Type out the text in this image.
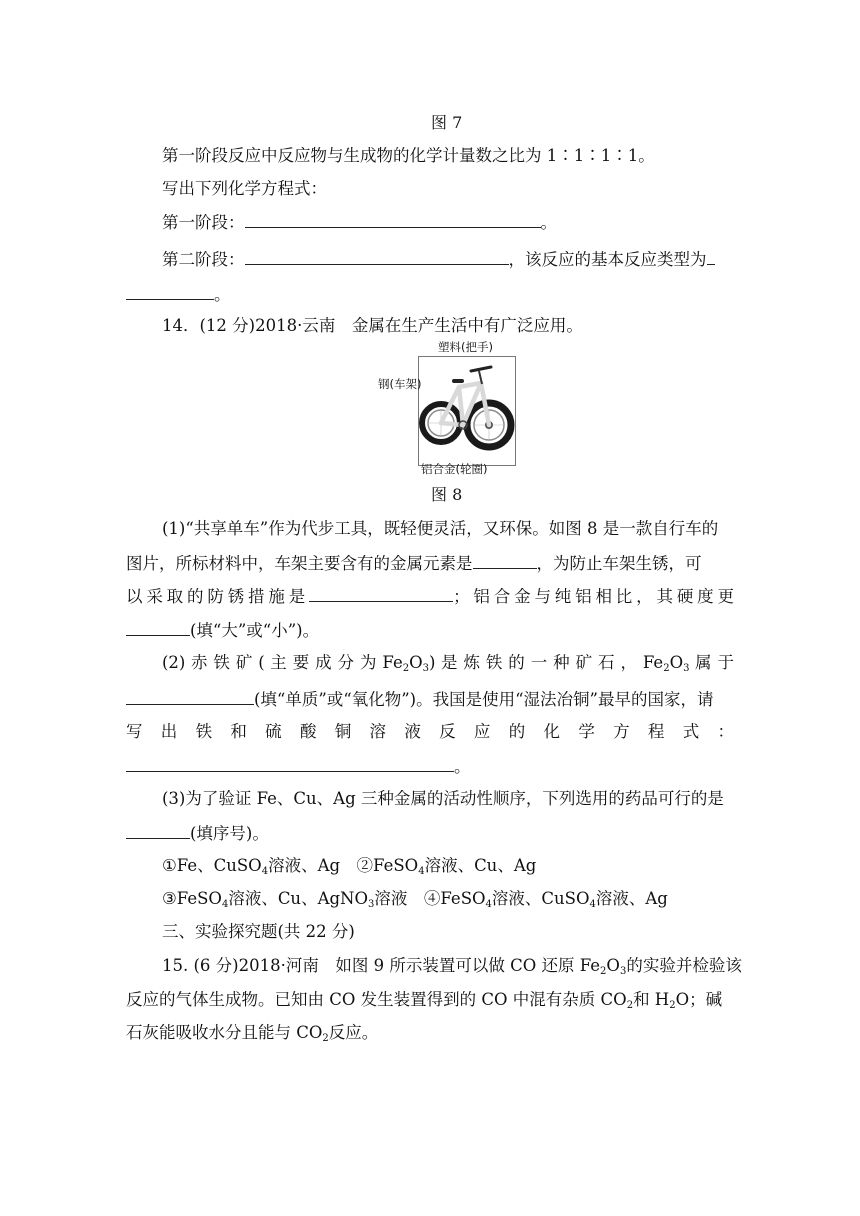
图 7
第一阶段反应中反应物与生成物的化学计量数之比为 1∶1∶1∶1。
写出下列化学方程式：
第一阶段：	。
第二阶段：	，该反应的基本反应类型为
。
14．(12 分)2018·云南　金属在生产生活中有广泛应用。
塑料(把手)
钢(车架)
铝合金(轮圈)
图 8
(1)“共享单车”作为代步工具，既轻便灵活，又环保。如图 8 是一款自行车的
图片，所标材料中，车架主要含有的金属元素是	，为防止车架生锈，可
以采取的防锈措施是	；铝合金与纯铝相比，其硬度更
(填“大”或“小”)。
(2) 赤 铁 矿 ( 主 要 成 分 为 $Fe_2O_3$) 是 炼 铁 的 一 种 矿 石 ， $Fe_2O_3$ 属 于
(填“单质”或“氧化物”)。我国是使用“湿法冶铜”最早的国家，请
写 出 铁 和 硫 酸 铜 溶 液 反 应 的 化 学 方 程 式 ：
。
(3)为了验证 Fe、Cu、Ag 三种金属的活动性顺序，下列选用的药品可行的是
(填序号)。
①Fe、CuSO$_4$溶液、Ag　②FeSO$_4$溶液、Cu、Ag
③FeSO$_4$溶液、Cu、AgNO$_3$溶液　④FeSO$_4$溶液、CuSO$_4$溶液、Ag
三、实验探究题(共 22 分)
15. (6 分)2018·河南　如图 9 所示装置可以做 CO 还原 $Fe_2O_3$的实验并检验该
反应的气体生成物。已知由 CO 发生装置得到的 CO 中混有杂质 $CO_2$和 $H_2O$；碱
石灰能吸收水分且能与 $CO_2$反应。
